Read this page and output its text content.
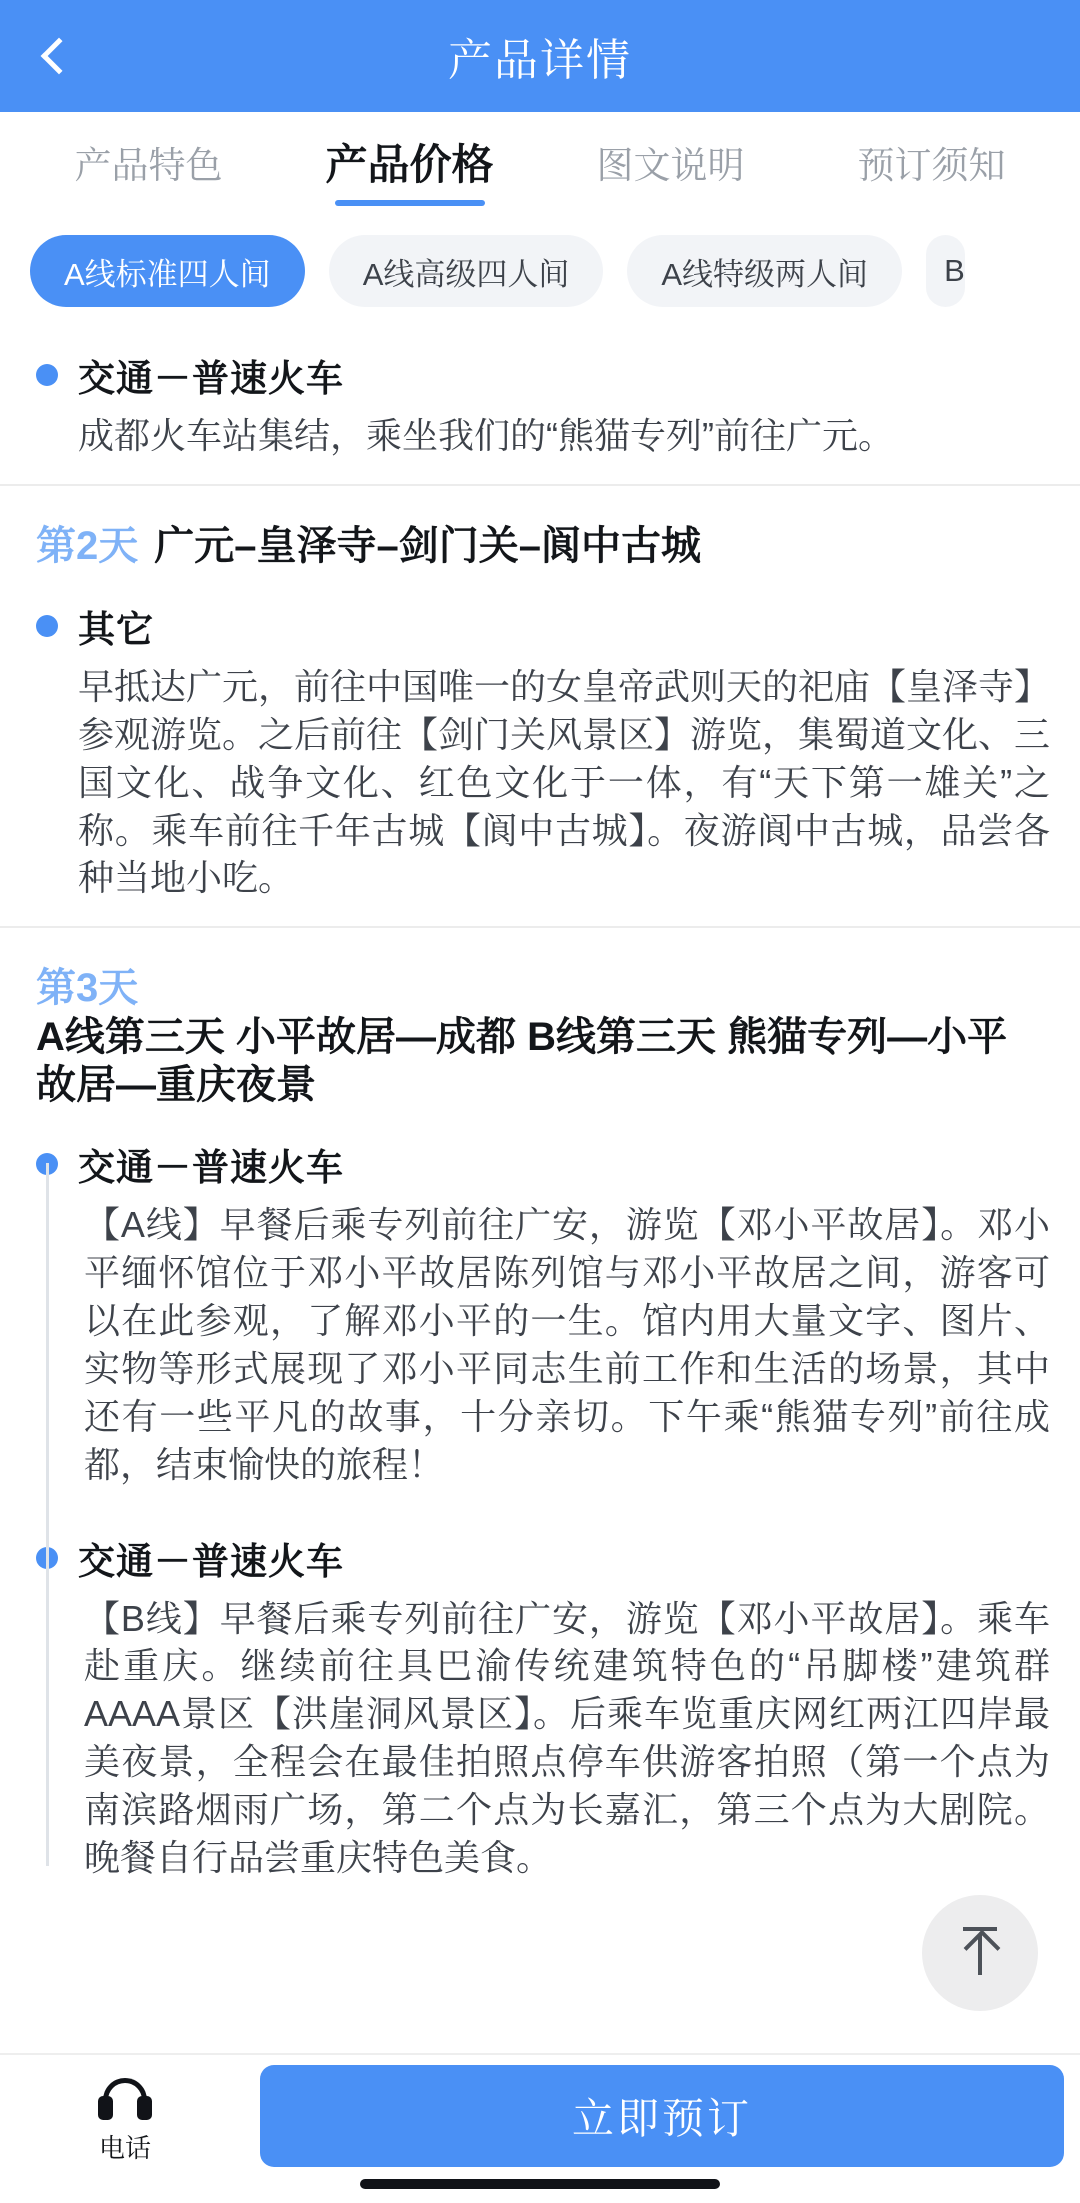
产品详情
产品特色	产品价格	图文说明	预订须知
A线标准四人间	A线高级四人间	A线特级两人间	B
交通－普速火车
成都火车站集结，乘坐我们的“熊猫专列”前往广元。
第2天 广元–皇泽寺–剑门关–阆中古城
其它
早抵达广元，前往中国唯一的女皇帝武则天的祀庙【皇泽寺】参观游览。之后前往【剑门关风景区】游览，集蜀道文化、三国文化、战争文化、红色文化于一体，有“天下第一雄关”之称。乘车前往千年古城【阆中古城】。夜游阆中古城，品尝各种当地小吃。
第3天
A线第三天 小平故居—成都 B线第三天 熊猫专列—小平故居—重庆夜景
交通－普速火车
【A线】早餐后乘专列前往广安，游览【邓小平故居】。邓小平缅怀馆位于邓小平故居陈列馆与邓小平故居之间，游客可以在此参观，了解邓小平的一生。馆内用大量文字、图片、实物等形式展现了邓小平同志生前工作和生活的场景，其中还有一些平凡的故事，十分亲切。下午乘“熊猫专列”前往成都，结束愉快的旅程！
交通－普速火车
【B线】早餐后乘专列前往广安，游览【邓小平故居】。乘车赴重庆。继续前往具巴渝传统建筑特色的“吊脚楼”建筑群AAAA景区【洪崖洞风景区】。后乘车览重庆网红两江四岸最美夜景，全程会在最佳拍照点停车供游客拍照（第一个点为南滨路烟雨广场，第二个点为长嘉汇，第三个点为大剧院。晚餐自行品尝重庆特色美食。
电话
立即预订
